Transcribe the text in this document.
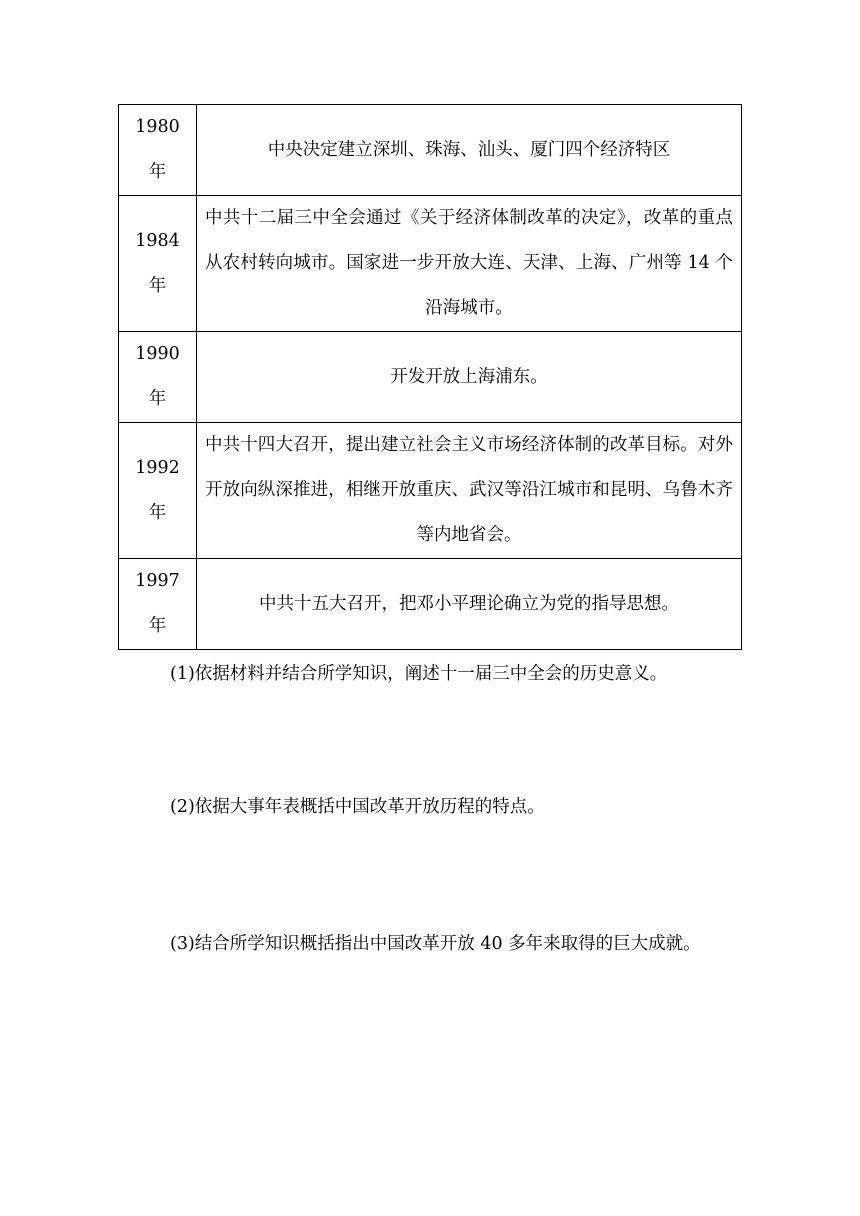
1980
年	中央决定建立深圳、珠海、汕头、厦门四个经济特区

1984
年	中共十二届三中全会通过《关于经济体制改革的决定》，改革的重点从农村转向城市。国家进一步开放大连、天津、上海、广州等 14 个沿海城市。

1990
年	开发开放上海浦东。

1992
年	中共十四大召开，提出建立社会主义市场经济体制的改革目标。对外开放向纵深推进，相继开放重庆、武汉等沿江城市和昆明、乌鲁木齐等内地省会。

1997
年	中共十五大召开，把邓小平理论确立为党的指导思想。

(1)依据材料并结合所学知识，阐述十一届三中全会的历史意义。

(2)依据大事年表概括中国改革开放历程的特点。

(3)结合所学知识概括指出中国改革开放 40 多年来取得的巨大成就。
